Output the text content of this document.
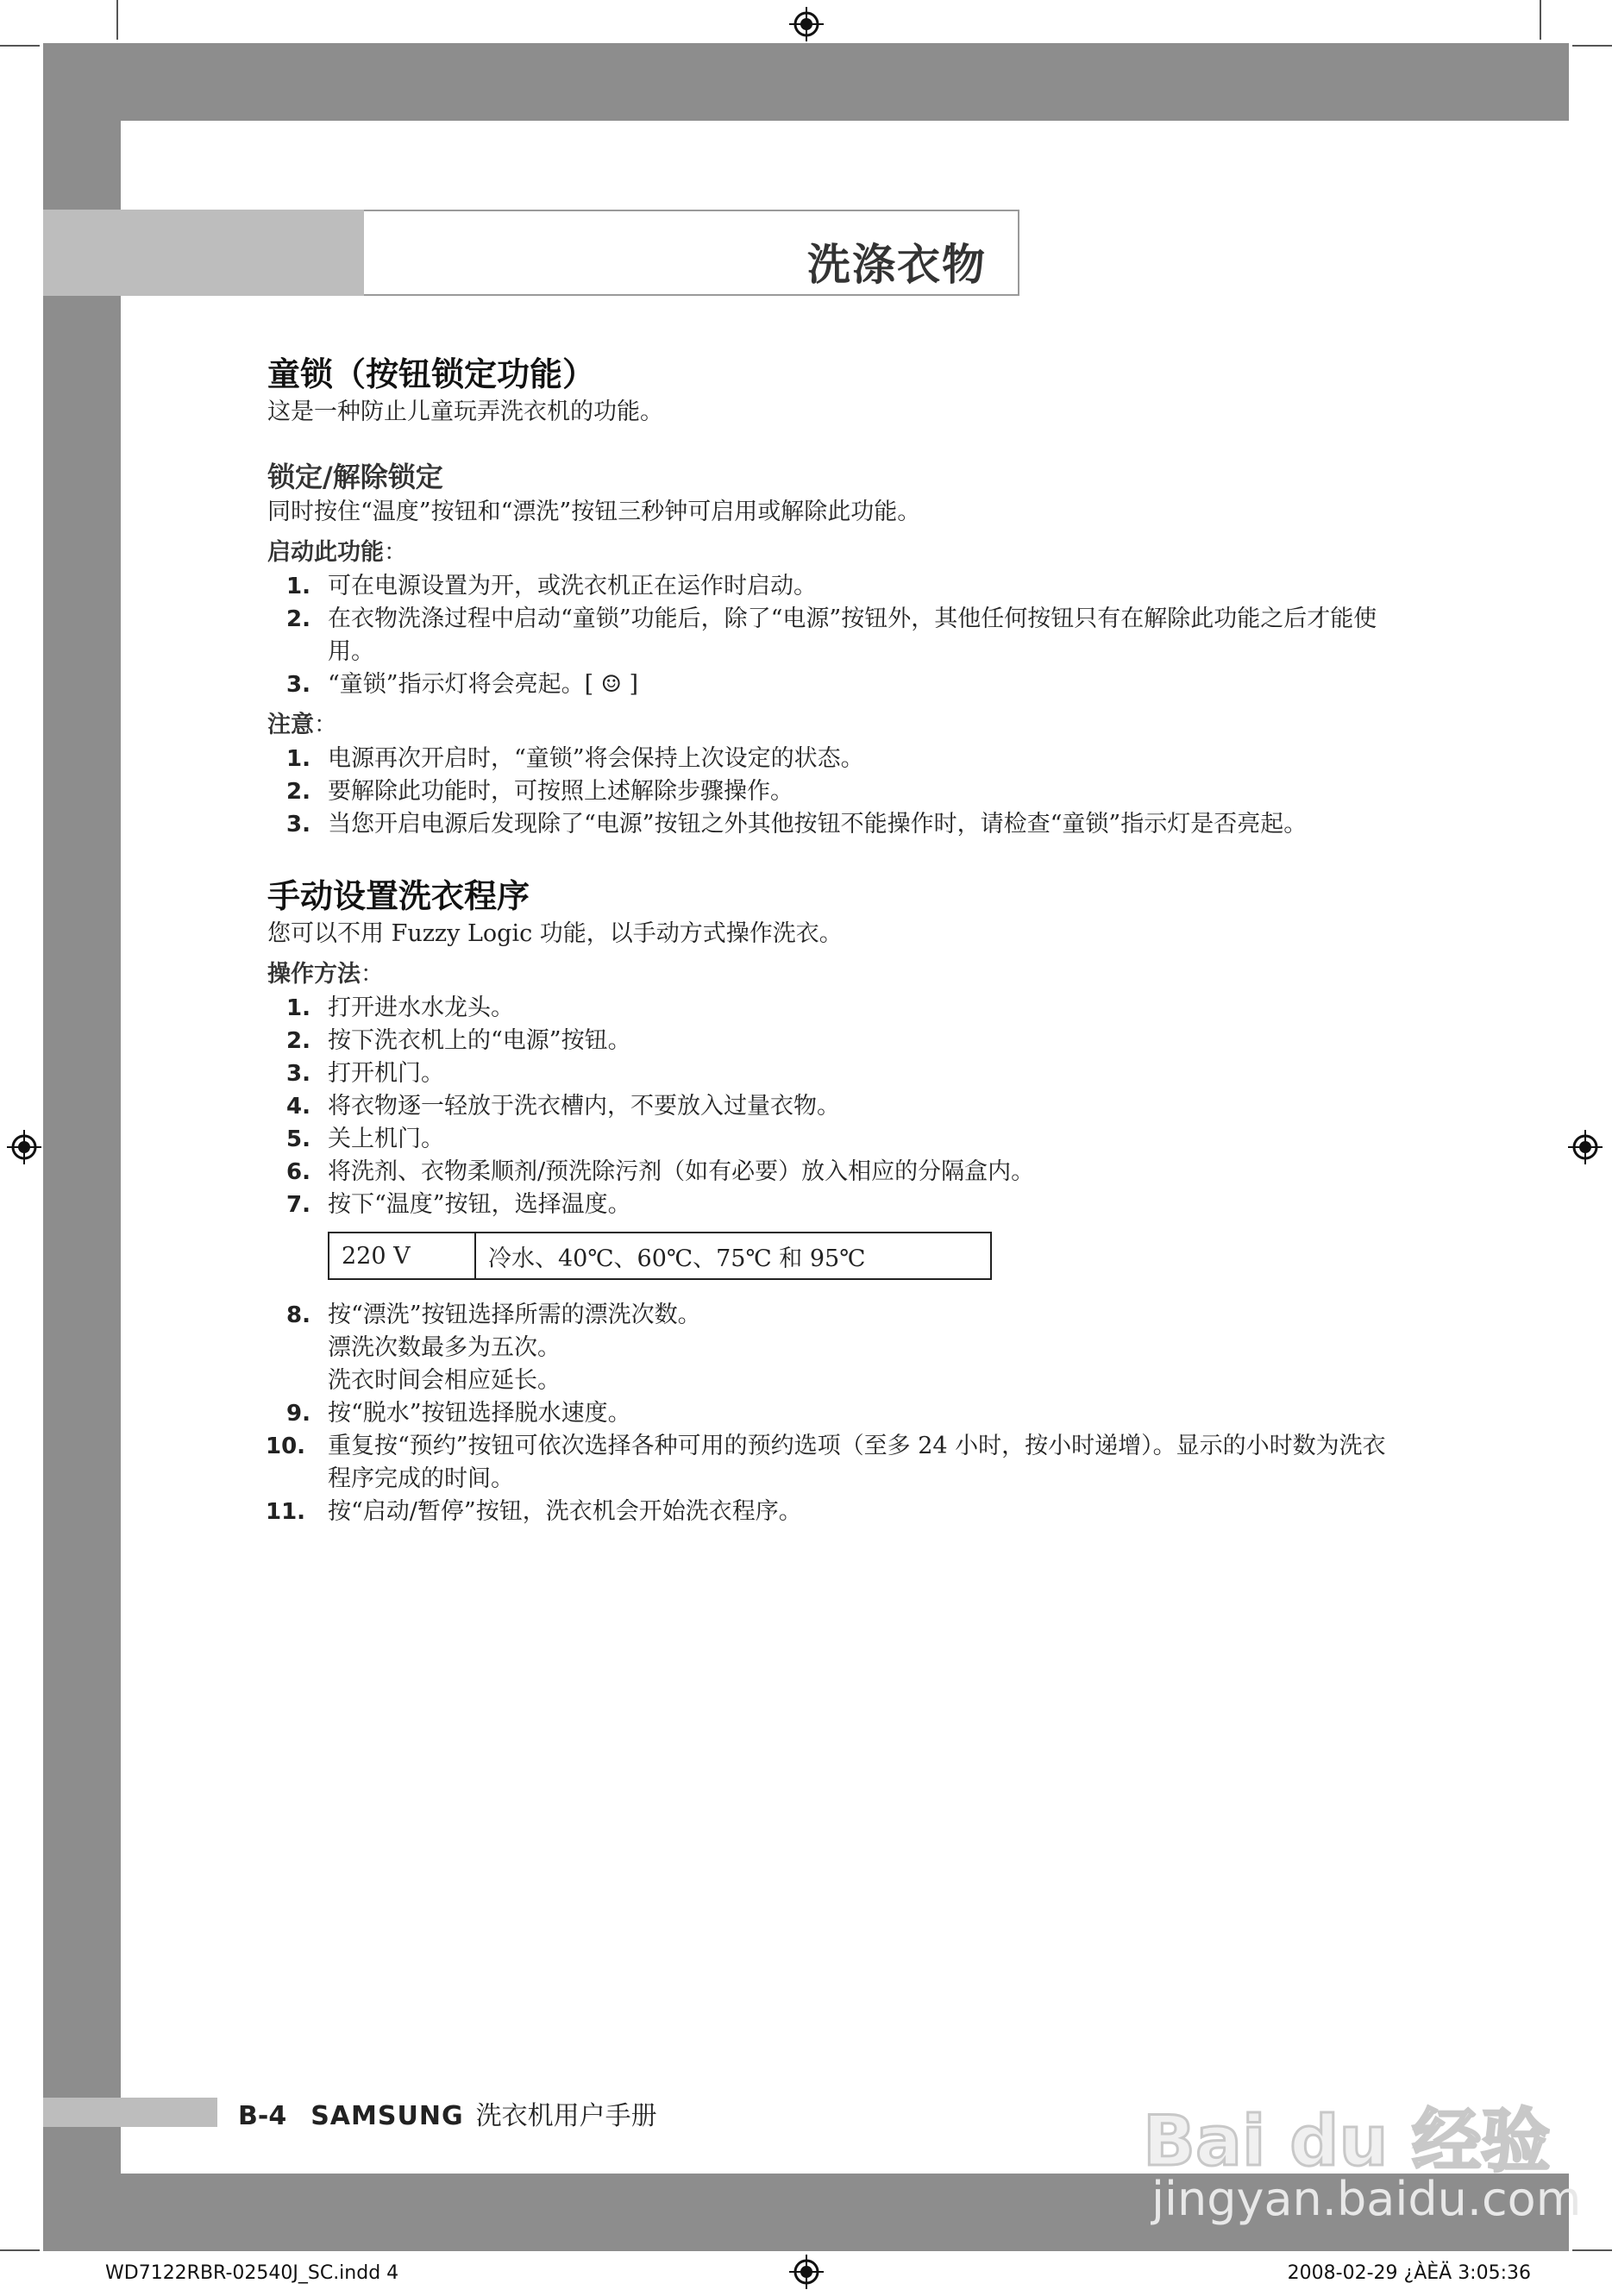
洗涤衣物
童锁（按钮锁定功能）

这是一种防止儿童玩弄洗衣机的功能。

锁定/解除锁定

同时按住“温度”按钮和“漂洗”按钮三秒钟可启用或解除此功能。

启动此功能：
1. 可在电源设置为开，或洗衣机正在运作时启动。
2. 在衣物洗涤过程中启动“童锁”功能后，除了“电源”按钮外，其他任何按钮只有在解除此功能之后才能使用。
3. “童锁”指示灯将会亮起。[ ☺ ]
注意：
1. 电源再次开启时，“童锁”将会保持上次设定的状态。
2. 要解除此功能时，可按照上述解除步骤操作。
3. 当您开启电源后发现除了“电源”按钮之外其他按钮不能操作时，请检查“童锁”指示灯是否亮起。
手动设置洗衣程序

您可以不用 Fuzzy Logic 功能，以手动方式操作洗衣。

操作方法：
1. 打开进水水龙头。
2. 按下洗衣机上的“电源”按钮。
3. 打开机门。
4. 将衣物逐一轻放于洗衣槽内，不要放入过量衣物。
5. 关上机门。
6. 将洗剂、衣物柔顺剂/预洗除污剂（如有必要）放入相应的分隔盒内。
7. 按下“温度”按钮，选择温度。
220 V	冷水、40℃、60℃、75℃ 和 95℃
8. 按“漂洗”按钮选择所需的漂洗次数。
漂洗次数最多为五次。
洗衣时间会相应延长。
9. 按“脱水”按钮选择脱水速度。
10. 重复按“预约”按钮可依次选择各种可用的预约选项（至多 24 小时，按小时递增）。显示的小时数为洗衣程序完成的时间。
11. 按“启动/暂停”按钮，洗衣机会开始洗衣程序。
B-4 SAMSUNG 洗衣机用户手册	Bai du 经验
jingyan.baidu.com
WD7122RBR-02540J_SC.indd 4	2008-02-29 ¿ÀÈÄ 3:05:36
